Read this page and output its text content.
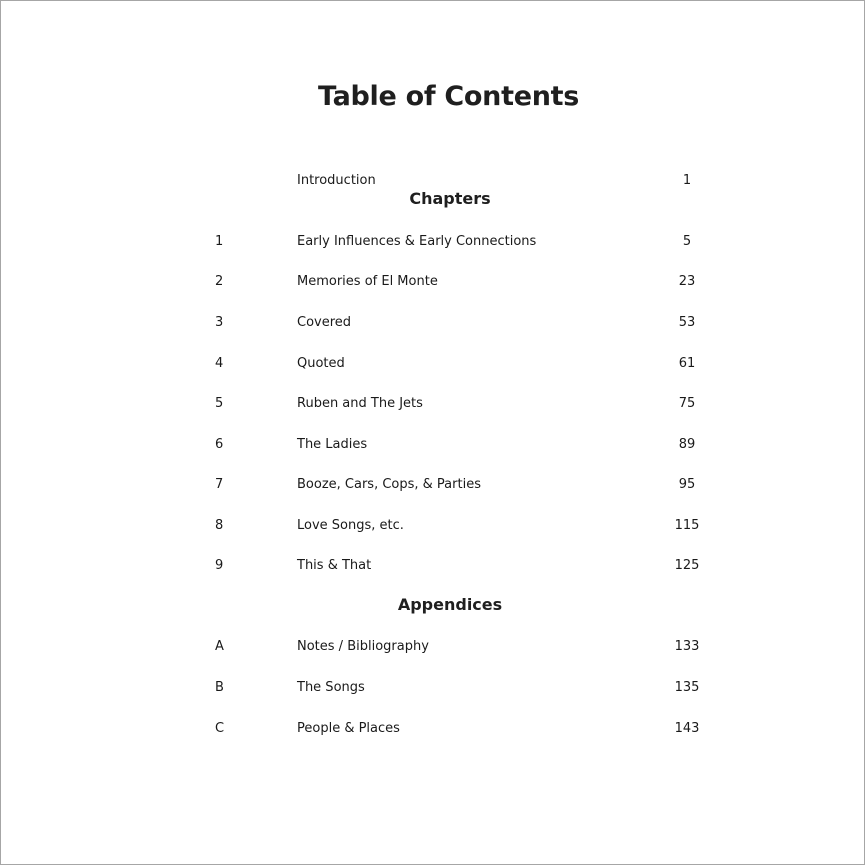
Table of Contents
Introduction	1
Chapters
1	Early Influences & Early Connections	5
2	Memories of El Monte	23
3	Covered	53
4	Quoted	61
5	Ruben and The Jets	75
6	The Ladies	89
7	Booze, Cars, Cops, & Parties	95
8	Love Songs, etc.	115
9	This & That	125
Appendices
A	Notes / Bibliography	133
B	The Songs	135
C	People & Places	143
